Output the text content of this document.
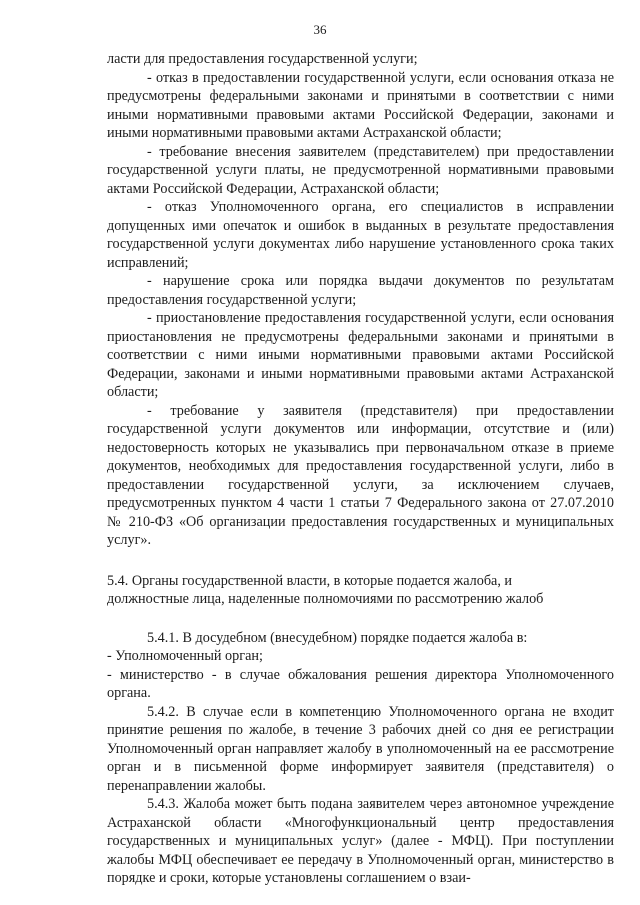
36

ласти для предоставления государственной услуги;

- отказ в предоставлении государственной услуги, если основания отказа не предусмотрены федеральными законами и принятыми в соответствии с ними иными нормативными правовыми актами Российской Федерации, законами и иными нормативными правовыми актами Астраханской области;

- требование внесения заявителем (представителем) при предоставлении государственной услуги платы, не предусмотренной нормативными правовыми актами Российской Федерации, Астраханской области;

- отказ Уполномоченного органа, его специалистов в исправлении допущенных ими опечаток и ошибок в выданных в результате предоставления государственной услуги документах либо нарушение установленного срока таких исправлений;

- нарушение срока или порядка выдачи документов по результатам предоставления государственной услуги;

- приостановление предоставления государственной услуги, если основания приостановления не предусмотрены федеральными законами и принятыми в соответствии с ними иными нормативными правовыми актами Российской Федерации, законами и иными нормативными правовыми актами Астраханской области;

- требование у заявителя (представителя) при предоставлении государственной услуги документов или информации, отсутствие и (или) недостоверность которых не указывались при первоначальном отказе в приеме документов, необходимых для предоставления государственной услуги, либо в предоставлении государственной услуги, за исключением случаев, предусмотренных пунктом 4 части 1 статьи 7 Федерального закона от 27.07.2010 № 210-ФЗ «Об организации предоставления государственных и муниципальных услуг».

5.4. Органы государственной власти, в которые подается жалоба, и
должностные лица, наделенные полномочиями по рассмотрению жалоб

5.4.1. В досудебном (внесудебном) порядке подается жалоба в:

- Уполномоченный орган;

- министерство - в случае обжалования решения директора Уполномоченного органа.

5.4.2. В случае если в компетенцию Уполномоченного органа не входит принятие решения по жалобе, в течение 3 рабочих дней со дня ее регистрации Уполномоченный орган направляет жалобу в уполномоченный на ее рассмотрение орган и в письменной форме информирует заявителя (представителя) о перенаправлении жалобы.

5.4.3. Жалоба может быть подана заявителем через автономное учреждение Астраханской области «Многофункциональный центр предоставления государственных и муниципальных услуг» (далее - МФЦ). При поступлении жалобы МФЦ обеспечивает ее передачу в Уполномоченный орган, министерство в порядке и сроки, которые установлены соглашением о взаи-
